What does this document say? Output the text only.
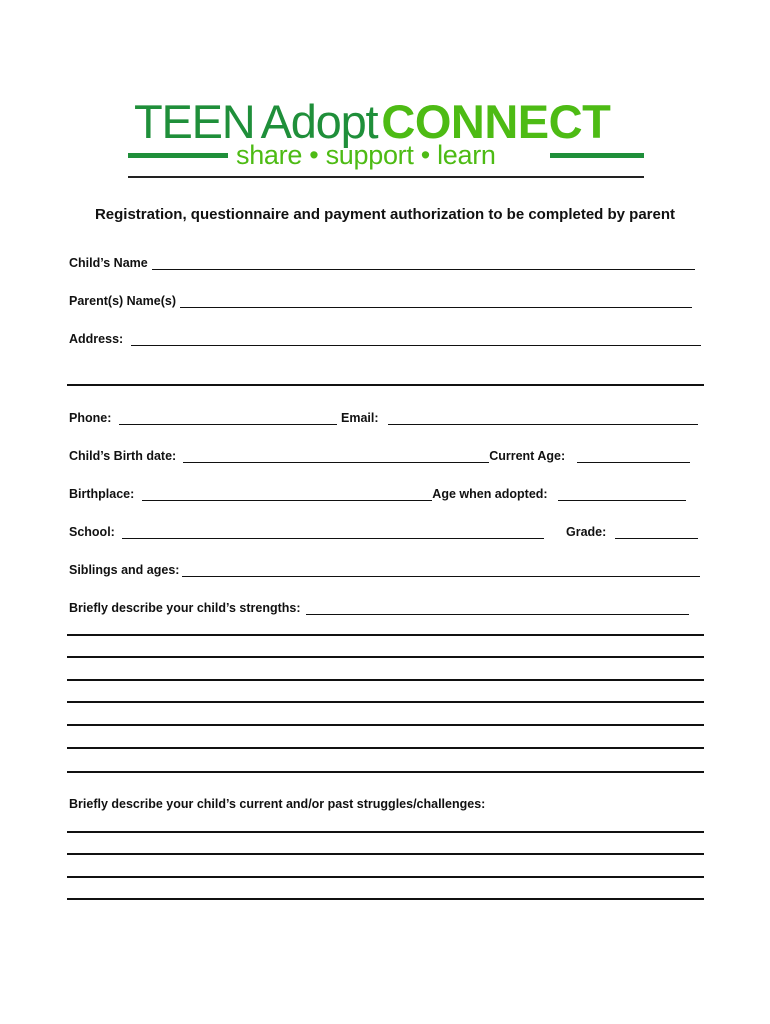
TEEN AdoptCONNECT
share • support • learn
Registration, questionnaire and payment authorization to be completed by parent
Child’s Name
Parent(s) Name(s)
Address:
Phone:	Email:
Child’s Birth date:	Current Age:
Birthplace:	Age when adopted:
School:	Grade:
Siblings and ages:
Briefly describe your child’s strengths:
Briefly describe your child’s current and/or past struggles/challenges:
